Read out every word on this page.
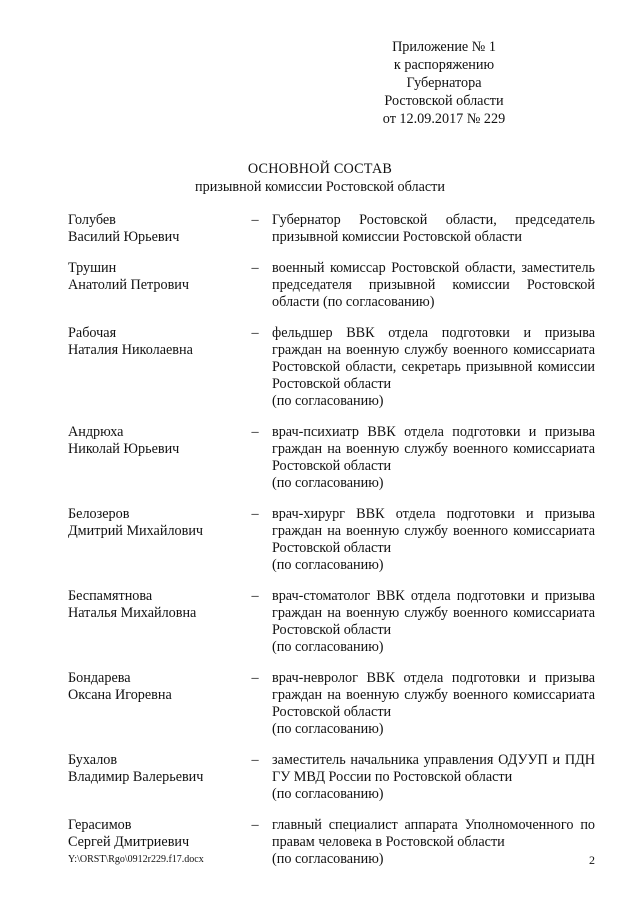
Приложение № 1
к распоряжению
Губернатора
Ростовской области
от 12.09.2017 № 229
ОСНОВНОЙ СОСТАВ
призывной комиссии Ростовской области
Голубев
Василий Юрьевич
– Губернатор Ростовской области, председатель призывной комиссии Ростовской области
Трушин
Анатолий Петрович
– военный комиссар Ростовской области, заместитель председателя призывной комиссии Ростовской области (по согласованию)
Рабочая
Наталия Николаевна
– фельдшер ВВК отдела подготовки и призыва граждан на военную службу военного комиссариата Ростовской области, секретарь призывной комиссии Ростовской области
(по согласованию)
Андрюха
Николай Юрьевич
– врач-психиатр ВВК отдела подготовки и призыва граждан на военную службу военного комиссариата Ростовской области
(по согласованию)
Белозеров
Дмитрий Михайлович
– врач-хирург ВВК отдела подготовки и призыва граждан на военную службу военного комиссариата Ростовской области
(по согласованию)
Беспамятнова
Наталья Михайловна
– врач-стоматолог ВВК отдела подготовки и призыва граждан на военную службу военного комиссариата Ростовской области
(по согласованию)
Бондарева
Оксана Игоревна
– врач-невролог ВВК отдела подготовки и призыва граждан на военную службу военного комиссариата Ростовской области
(по согласованию)
Бухалов
Владимир Валерьевич
– заместитель начальника управления ОДУУП и ПДН ГУ МВД России по Ростовской области
(по согласованию)
Герасимов
Сергей Дмитриевич
– главный специалист аппарата Уполномоченного по правам человека в Ростовской области
(по согласованию)
Y:\ORST\Rgo\0912r229.f17.docx	2
